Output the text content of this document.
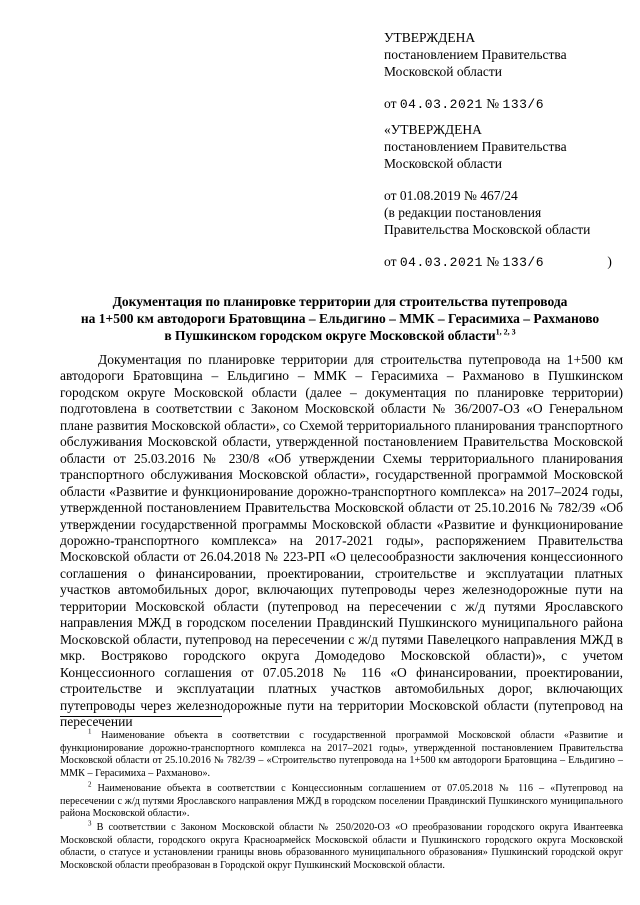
УТВЕРЖДЕНА
постановлением Правительства
Московской области
от 04.03.2021 № 133/6
«УТВЕРЖДЕНА
постановлением Правительства
Московской области
от 01.08.2019 № 467/24
(в редакции постановления
Правительства Московской области
от 04.03.2021 № 133/6	)
Документация по планировке территории для строительства путепровода
на 1+500 км автодороги Братовщина – Ельдигино – ММК – Герасимиха – Рахманово
в Пушкинском городском округе Московской области$^{1, 2, 3}$

Документация по планировке территории для строительства путепровода на 1+500 км автодороги Братовщина – Ельдигино – ММК – Герасимиха – Рахманово в Пушкинском городском округе Московской области (далее – документация по планировке территории) подготовлена в соответствии с Законом Московской области № 36/2007-ОЗ «О Генеральном плане развития Московской области», со Схемой территориального планирования транспортного обслуживания Московской области, утвержденной постановлением Правительства Московской области от 25.03.2016 № 230/8 «Об утверждении Схемы территориального планирования транспортного обслуживания Московской области», государственной программой Московской области «Развитие и функционирование дорожно-транспортного комплекса» на 2017–2024 годы, утвержденной постановлением Правительства Московской области от 25.10.2016 № 782/39 «Об утверждении государственной программы Московской области «Развитие и функционирование дорожно-транспортного комплекса» на 2017-2021 годы», распоряжением Правительства Московской области от 26.04.2018 № 223-РП «О целесообразности заключения концессионного соглашения о финансировании, проектировании, строительстве и эксплуатации платных участков автомобильных дорог, включающих путепроводы через железнодорожные пути на территории Московской области (путепровод на пересечении с ж/д путями Ярославского направления МЖД в городском поселении Правдинский Пушкинского муниципального района Московской области, путепровод на пересечении с ж/д путями Павелецкого направления МЖД в мкр. Востряково городского округа Домодедово Московской области)», с учетом Концессионного соглашения от 07.05.2018 № 116 «О финансировании, проектировании, строительстве и эксплуатации платных участков автомобильных дорог, включающих путепроводы через железнодорожные пути на территории Московской области (путепровод на пересечении

$^1$ Наименование объекта в соответствии с государственной программой Московской области «Развитие и функционирование дорожно-транспортного комплекса на 2017–2021 годы», утвержденной постановлением Правительства Московской области от 25.10.2016 № 782/39 – «Строительство путепровода на 1+500 км автодороги Братовщина – Ельдигино – ММК – Герасимиха – Рахманово».

$^2$ Наименование объекта в соответствии с Концессионным соглашением от 07.05.2018 № 116 – «Путепровод на пересечении с ж/д путями Ярославского направления МЖД в городском поселении Правдинский Пушкинского муниципального района Московской области».

$^3$ В соответствии с Законом Московской области № 250/2020-ОЗ «О преобразовании городского округа Ивантеевка Московской области, городского округа Красноармейск Московской области и Пушкинского городского округа Московской области, о статусе и установлении границы вновь образованного муниципального образования» Пушкинский городской округ Московской области преобразован в Городской округ Пушкинский Московской области.
